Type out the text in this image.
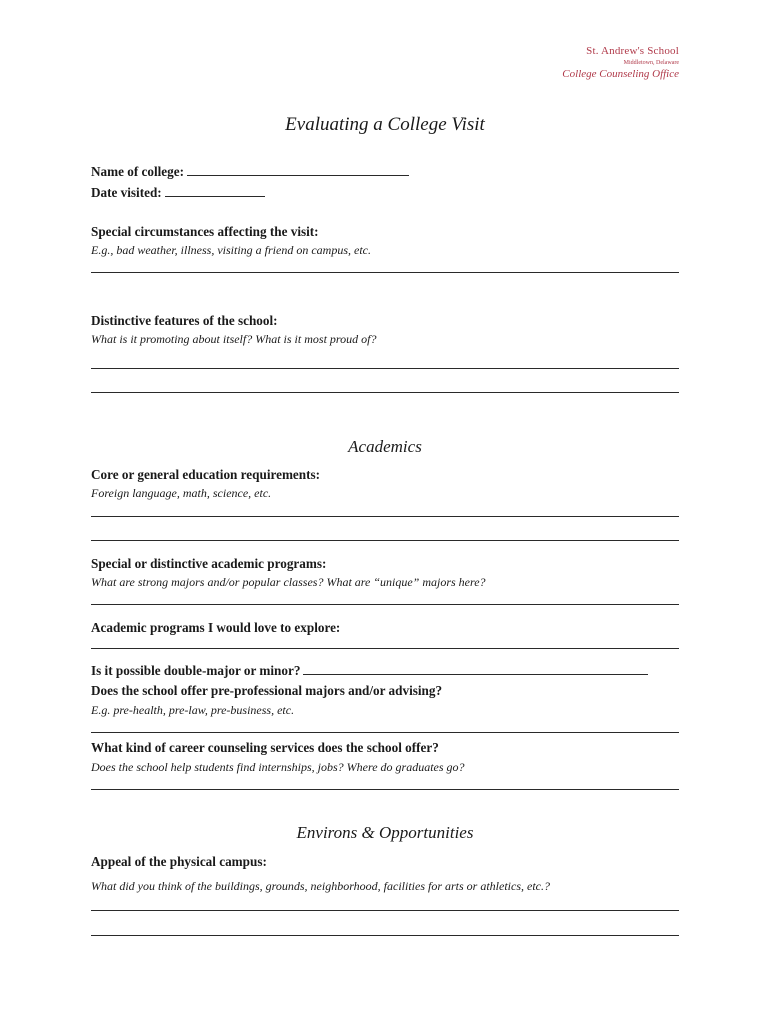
St. Andrew's School
Middletown, Delaware
College Counseling Office
Evaluating a College Visit
Name of college:
Date visited:
Special circumstances affecting the visit:
E.g., bad weather, illness, visiting a friend on campus, etc.
Distinctive features of the school:
What is it promoting about itself? What is it most proud of?
Academics
Core or general education requirements:
Foreign language, math, science, etc.
Special or distinctive academic programs:
What are strong majors and/or popular classes? What are “unique” majors here?
Academic programs I would love to explore:
Is it possible double-major or minor?
Does the school offer pre-professional majors and/or advising?
E.g. pre-health, pre-law, pre-business, etc.
What kind of career counseling services does the school offer?
Does the school help students find internships, jobs? Where do graduates go?
Environs & Opportunities
Appeal of the physical campus:
What did you think of the buildings, grounds, neighborhood, facilities for arts or athletics, etc.?
